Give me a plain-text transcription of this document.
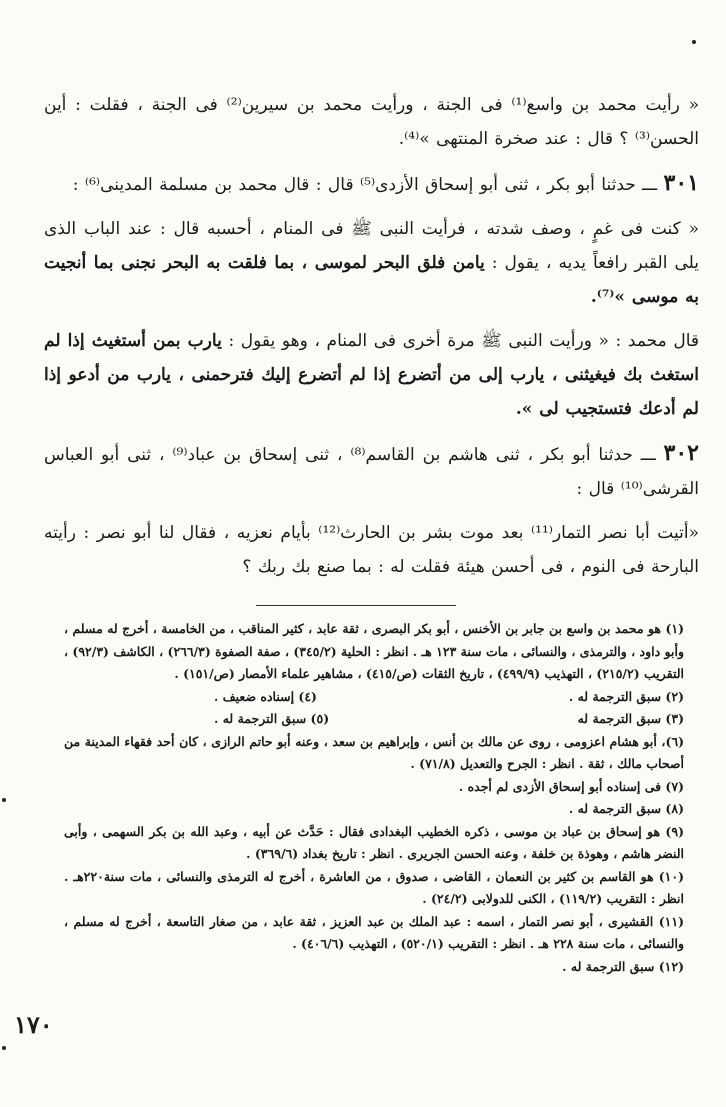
« رأيت محمد بن واسع⁽¹⁾ فى الجنة ، ورأيت محمد بن سيرين⁽²⁾ فى الجنة ، فقلت : أين الحسن⁽³⁾ ؟ قال : عند صخرة المنتهى »⁽⁴⁾.

٣٠١ ـــ حدثنا أبو بكر ، ثنى أبو إسحاق الأزدى⁽⁵⁾ قال : قال محمد بن مسلمة المدينى⁽⁶⁾ :

« كنت فى غمٍ ، وصف شدته ، فرأيت النبى ﷺ فى المنام ، أحسبه قال : عند الباب الذى يلى القبر رافعاً يديه ، يقول : يامن فلق البحر لموسى ، بما فلقت به البحر نجنى بما أنجيت به موسى »⁽⁷⁾.

قال محمد : « ورأيت النبى ﷺ مرة أخرى فى المنام ، وهو يقول : يارب بمن أستغيث إذا لم استغث بك فيغيثنى ، يارب إلى من أتضرع إذا لم أتضرع إليك فترحمنى ، يارب من أدعو إذا لم أدعك فتستجيب لى ».

٣٠٢ ـــ حدثنا أبو بكر ، ثنى هاشم بن القاسم⁽⁸⁾ ، ثنى إسحاق بن عباد⁽⁹⁾ ، ثنى أبو العباس القرشى⁽¹⁰⁾ قال :

«أتيت أبا نصر التمار⁽¹¹⁾ بعد موت بشر بن الحارث⁽¹²⁾ بأيام نعزيه ، فقال لنا أبو نصر : رأيته البارحة فى النوم ، فى أحسن هيئة فقلت له : بما صنع بك ربك ؟

(١) هو محمد بن واسع بن جابر بن الأخنس ، أبو بكر البصرى ، ثقة عابد ، كثير المناقب ، من الخامسة ، أخرج له مسلم ، وأبو داود ، والترمذى ، والنسائى ، مات سنة ١٢٣ هـ . انظر : الحلية (٣٤٥/٢) ، صفة الصفوة (٢٦٦/٣) ، الكاشف (٩٢/٣) ، التقريب (٢١٥/٢) ، التهذيب (٤٩٩/٩) ، تاريخ الثقات (ص/٤١٥) ، مشاهير علماء الأمصار (ص/١٥١) .

(٢) سبق الترجمة له .
(٤) إسناده ضعيف .
(٣) سبق الترجمة له
(٥) سبق الترجمة له .

(٦)، أبو هشام اعزومى ، روى عن مالك بن أنس ، وإبراهيم بن سعد ، وعنه أبو حاتم الرازى ، كان أحد فقهاء المدينة من أصحاب مالك ، ثقة . انظر : الجرح والتعديل (٧١/٨) .

(٧) فى إسناده أبو إسحاق الأزدى لم أجده .

(٨) سبق الترجمة له .

(٩) هو إسحاق بن عباد بن موسى ، ذكره الخطيب البغدادى فقال : حَدَّث عن أبيه ، وعبد الله بن بكر السهمى ، وأبى النضر هاشم ، وهوذة بن خلفة ، وعنه الحسن الجريرى . انظر : تاريخ بغداد (٣٦٩/٦) .

(١٠) هو القاسم بن كثير بن النعمان ، القاضى ، صدوق ، من العاشرة ، أخرج له الترمذى والنسائى ، مات سنة٢٢٠هـ . انظر : التقريب (١١٩/٢) ، الكنى للدولابى (٢٤/٢) .

(١١) القشيرى ، أبو نصر التمار ، اسمه : عبد الملك بن عبد العزيز ، ثقة عابد ، من صغار التاسعة ، أخرج له مسلم ، والنسائى ، مات سنة ٢٢٨ هـ . انظر : التقريب (٥٢٠/١) ، التهذيب (٤٠٦/٦) .

(١٢) سبق الترجمة له .

١٧٠
